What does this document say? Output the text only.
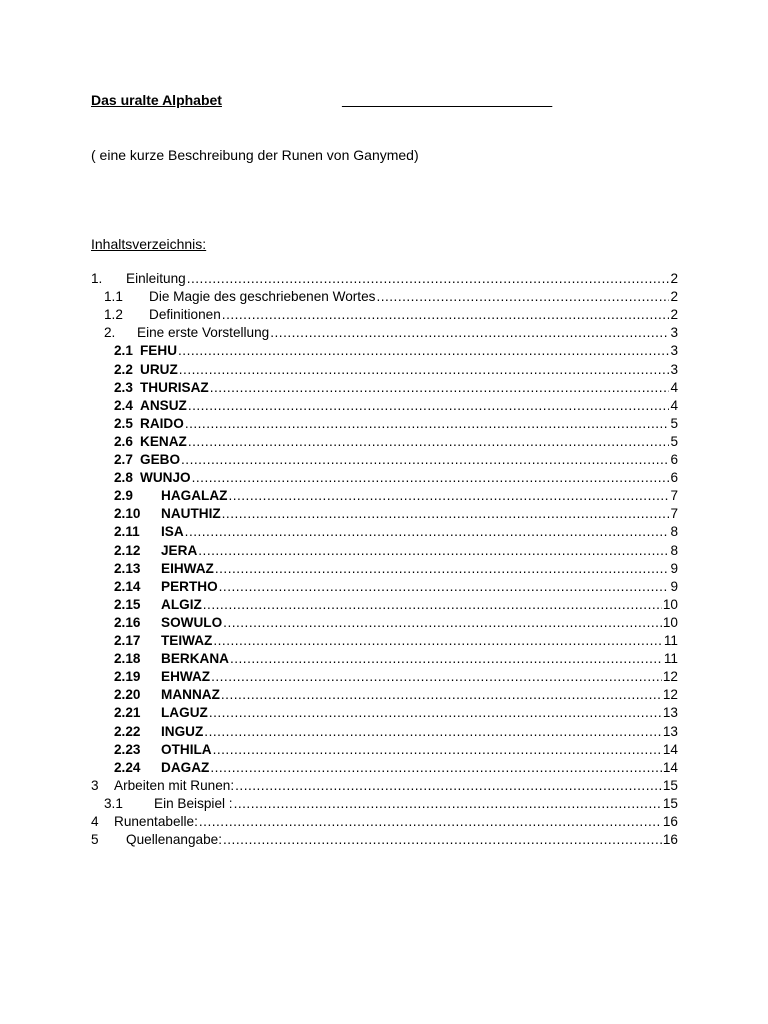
Das uralte Alphabet	___________________________
( eine kurze Beschreibung der Runen von Ganymed)
Inhaltsverzeichnis:
1.	Einleitung .....	2
1.1	Die Magie des geschriebenen Wortes .....	2
1.2	Definitionen .....	2
2.	Eine erste Vorstellung .....	3
2.1 FEHU .....	3
2.2 URUZ .....	3
2.3 THURISAZ .....	4
2.4 ANSUZ .....	4
2.5 RAIDO .....	5
2.6 KENAZ .....	5
2.7 GEBO .....	6
2.8 WUNJO .....	6
2.9	HAGALAZ .....	7
2.10	NAUTHIZ .....	7
2.11	ISA .....	8
2.12	JERA .....	8
2.13	EIHWAZ .....	9
2.14	PERTHO .....	9
2.15	ALGIZ .....	10
2.16	SOWULO .....	10
2.17	TEIWAZ .....	11
2.18	BERKANA .....	11
2.19	EHWAZ .....	12
2.20	MANNAZ .....	12
2.21	LAGUZ .....	13
2.22	INGUZ .....	13
2.23	OTHILA .....	14
2.24	DAGAZ .....	14
3	Arbeiten mit Runen: .....	15
3.1	Ein Beispiel : .....	15
4	Runentabelle: .....	16
5	Quellenangabe: .....	16
